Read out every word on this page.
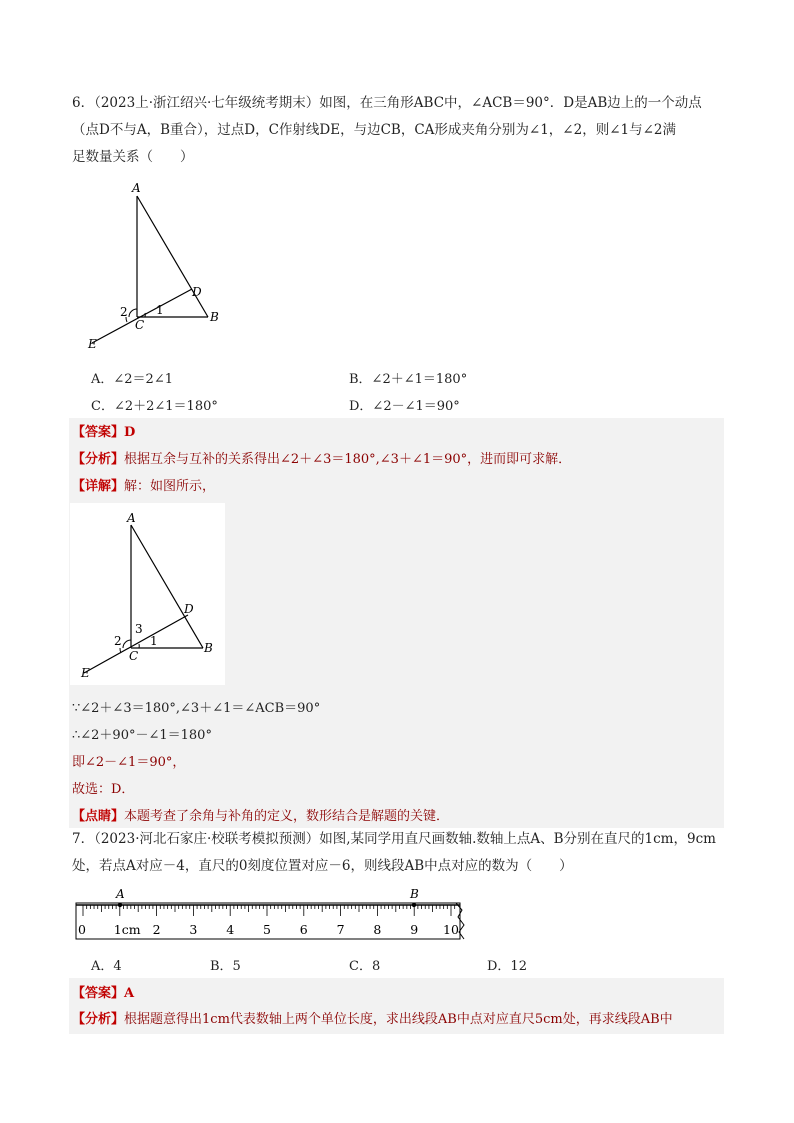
6．（2023上·浙江绍兴·七年级统考期末）如图，在三角形ABC中，∠ACB＝90°．D是AB边上的一个动点
（点D不与A，B重合），过点D，C作射线DE，与边CB，CA形成夹角分别为∠1，∠2，则∠1与∠2满
足数量关系（　　）
A
D
B
C
E
1
2
A．∠2＝2∠1	B．∠2＋∠1＝180°
C．∠2＋2∠1＝180°	D．∠2－∠1＝90°
【答案】D
【分析】根据互余与互补的关系得出∠2＋∠3＝180°,∠3＋∠1＝90°，进而即可求解．
【详解】解：如图所示，
A
D
B
C
E
1
2
3
∵∠2＋∠3＝180°,∠3＋∠1＝∠ACB＝90°
∴∠2＋90°－∠1＝180°
即∠2－∠1＝90°，
故选：D．
【点睛】本题考查了余角与补角的定义，数形结合是解题的关键．
7．（2023·河北石家庄·校联考模拟预测）如图,某同学用直尺画数轴.数轴上点A、B分别在直尺的1cm，9cm
处，若点A对应－4，直尺的0刻度位置对应－6，则线段AB中点对应的数为（　　）
A	B
0 1cm 2 3 4 5 6 7 8 9 10
A．4	B．5	C．8	D．12
【答案】A
【分析】根据题意得出1cm代表数轴上两个单位长度，求出线段AB中点对应直尺5cm处，再求线段AB中
